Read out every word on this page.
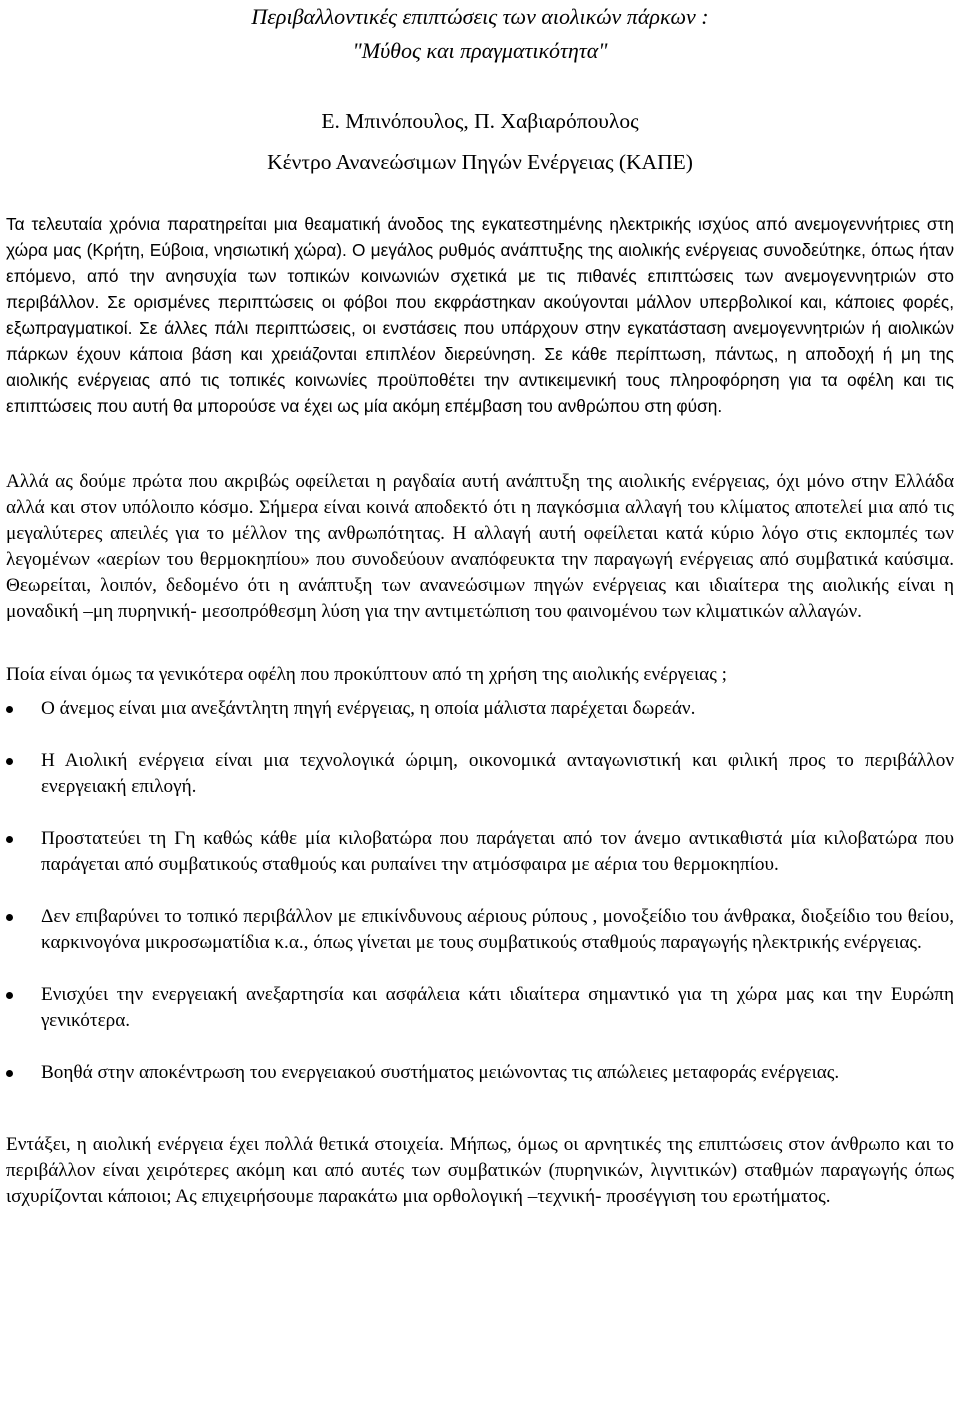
Περιβαλλοντικές επιπτώσεις των αιολικών πάρκων :

"Μύθος και πραγματικότητα"

Ε. Μπινόπουλος, Π. Χαβιαρόπουλος

Κέντρο Ανανεώσιμων Πηγών Ενέργειας (ΚΑΠΕ)

Τα τελευταία χρόνια παρατηρείται μια θεαματική άνοδος της εγκατεστημένης ηλεκτρικής ισχύος από ανεμογεννήτριες στη χώρα μας (Κρήτη, Εύβοια, νησιωτική χώρα). Ο μεγάλος ρυθμός ανάπτυξης της αιολικής ενέργειας συνοδεύτηκε, όπως ήταν επόμενο, από την ανησυχία των τοπικών κοινωνιών σχετικά με τις πιθανές επιπτώσεις των ανεμογεννητριών στο περιβάλλον. Σε ορισμένες περιπτώσεις οι φόβοι που εκφράστηκαν ακούγονται μάλλον υπερβολικοί και, κάποιες φορές, εξωπραγματικοί. Σε άλλες πάλι περιπτώσεις, οι ενστάσεις που υπάρχουν στην εγκατάσταση ανεμογεννητριών ή αιολικών πάρκων έχουν κάποια βάση και χρειάζονται επιπλέον διερεύνηση. Σε κάθε περίπτωση, πάντως, η αποδοχή ή μη της αιολικής ενέργειας από τις τοπικές κοινωνίες προϋποθέτει την αντικειμενική τους πληροφόρηση για τα οφέλη και τις επιπτώσεις που αυτή θα μπορούσε να έχει ως μία ακόμη επέμβαση του ανθρώπου στη φύση.

Αλλά ας δούμε πρώτα που ακριβώς οφείλεται η ραγδαία αυτή ανάπτυξη της αιολικής ενέργειας, όχι μόνο στην Ελλάδα αλλά και στον υπόλοιπο κόσμο. Σήμερα είναι κοινά αποδεκτό ότι η παγκόσμια αλλαγή του κλίματος αποτελεί μια από τις μεγαλύτερες απειλές για το μέλλον της ανθρωπότητας. Η αλλαγή αυτή οφείλεται κατά κύριο λόγο στις εκπομπές των λεγομένων «αερίων του θερμοκηπίου» που συνοδεύουν αναπόφευκτα την παραγωγή ενέργειας από συμβατικά καύσιμα. Θεωρείται, λοιπόν, δεδομένο ότι η ανάπτυξη των ανανεώσιμων πηγών ενέργειας και ιδιαίτερα της αιολικής είναι η μοναδική –μη πυρηνική- μεσοπρόθεσμη λύση για την αντιμετώπιση του φαινομένου των κλιματικών αλλαγών.

Ποία είναι όμως τα γενικότερα οφέλη που προκύπτουν από τη χρήση της αιολικής ενέργειας ;

Ο άνεμος είναι μια ανεξάντλητη πηγή ενέργειας, η οποία μάλιστα παρέχεται δωρεάν.
Η Αιολική ενέργεια είναι μια τεχνολογικά ώριμη, οικονομικά ανταγωνιστική και φιλική προς το περιβάλλον ενεργειακή επιλογή.
Προστατεύει τη Γη καθώς κάθε μία κιλοβατώρα που παράγεται από τον άνεμο αντικαθιστά μία κιλοβατώρα που παράγεται από συμβατικούς σταθμούς και ρυπαίνει την ατμόσφαιρα με αέρια του θερμοκηπίου.
Δεν επιβαρύνει το τοπικό περιβάλλον με επικίνδυνους αέριους ρύπους , μονοξείδιο του άνθρακα, διοξείδιο του θείου, καρκινογόνα μικροσωματίδια κ.α., όπως γίνεται με τους συμβατικούς σταθμούς παραγωγής ηλεκτρικής ενέργειας.
Ενισχύει την ενεργειακή ανεξαρτησία και ασφάλεια κάτι ιδιαίτερα σημαντικό για τη χώρα μας και την Ευρώπη γενικότερα.
Βοηθά στην αποκέντρωση του ενεργειακού συστήματος μειώνοντας τις απώλειες μεταφοράς ενέργειας.

Εντάξει, η αιολική ενέργεια έχει πολλά θετικά στοιχεία. Μήπως, όμως οι αρνητικές της επιπτώσεις στον άνθρωπο και το περιβάλλον είναι χειρότερες ακόμη και από αυτές των συμβατικών (πυρηνικών, λιγνιτικών) σταθμών παραγωγής όπως ισχυρίζονται κάποιοι; Ας επιχειρήσουμε παρακάτω μια ορθολογική –τεχνική- προσέγγιση του ερωτήματος.
